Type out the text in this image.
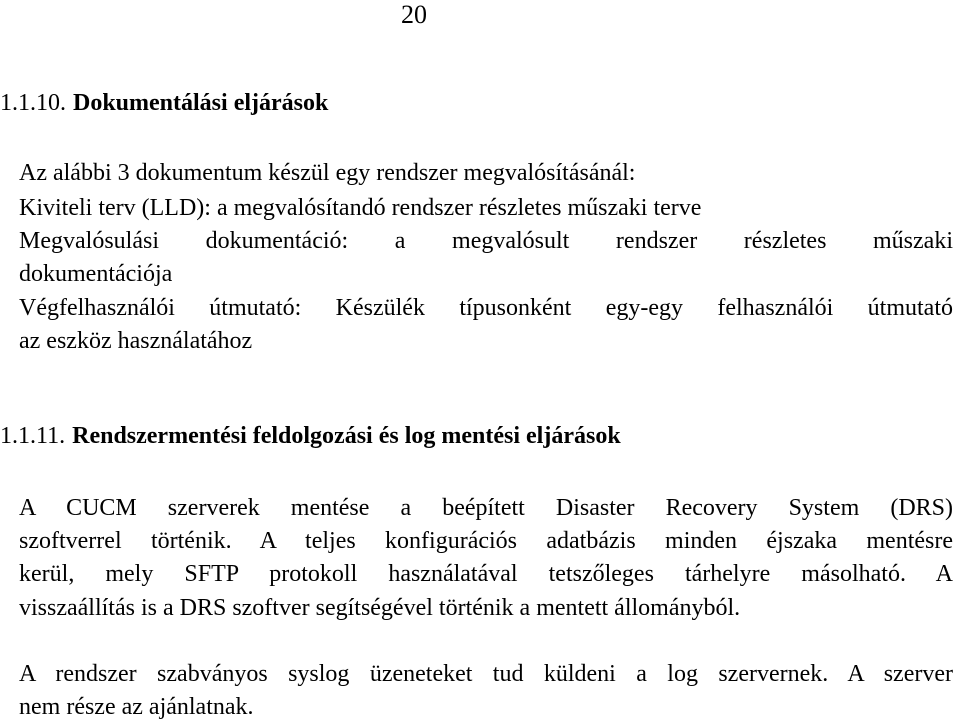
20
1.1.10. Dokumentálási eljárások
Az alábbi 3 dokumentum készül egy rendszer megvalósításánál:
Kiviteli terv (LLD): a megvalósítandó rendszer részletes műszaki terve
Megvalósulási dokumentáció: a megvalósult rendszer részletes műszaki
dokumentációja
Végfelhasználói útmutató: Készülék típusonként egy-egy felhasználói útmutató
az eszköz használatához
1.1.11. Rendszermentési feldolgozási és log mentési eljárások
A CUCM szerverek mentése a beépített Disaster Recovery System (DRS)
szoftverrel történik. A teljes konfigurációs adatbázis minden éjszaka mentésre
kerül, mely SFTP protokoll használatával tetszőleges tárhelyre másolható. A
visszaállítás is a DRS szoftver segítségével történik a mentett állományból.
A rendszer szabványos syslog üzeneteket tud küldeni a log szervernek. A szerver
nem része az ajánlatnak.
